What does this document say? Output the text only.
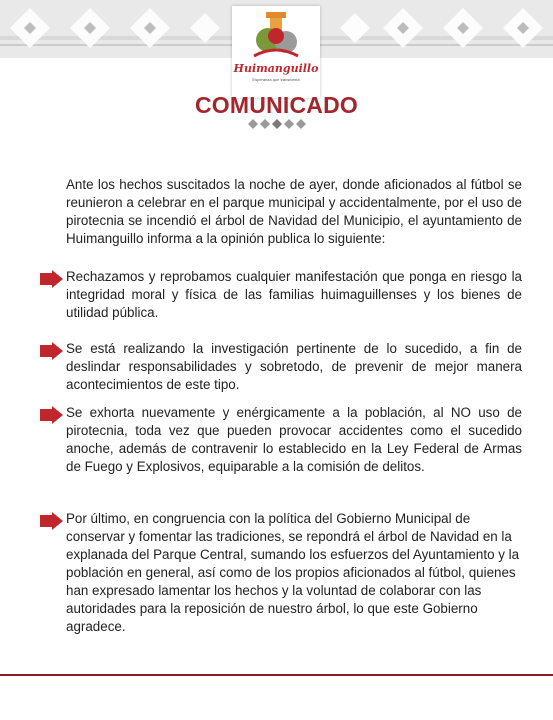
Huimanguillo
Esperanza que transforma
COMUNICADO
Ante los hechos suscitados la noche de ayer, donde aficionados al fútbol se reunieron a celebrar en el parque municipal y accidentalmente, por el uso de pirotecnia se incendió el árbol de Navidad del Municipio, el ayuntamiento de Huimanguillo informa a la opinión publica lo siguiente:
Rechazamos y reprobamos cualquier manifestación que ponga en riesgo la integridad moral y física de las familias huimaguillenses y los bienes de utilidad pública.
Se está realizando la investigación pertinente de lo sucedido, a fin de deslindar responsabilidades y sobretodo, de prevenir de mejor manera acontecimientos de este tipo.
Se exhorta nuevamente y enérgicamente a la población, al NO uso de pirotecnia, toda vez que pueden provocar accidentes como el sucedido anoche, además de contravenir lo establecido en la Ley Federal de Armas de Fuego y Explosivos, equiparable a la comisión de delitos.
Por último, en congruencia con la política del Gobierno Municipal de conservar y fomentar las tradiciones, se repondrá el árbol de Navidad en la explanada del Parque Central, sumando los esfuerzos del Ayuntamiento y la población en general, así como de los propios aficionados al fútbol, quienes han expresado lamentar los hechos y la voluntad de colaborar con las autoridades para la reposición de nuestro árbol, lo que este Gobierno agradece.
